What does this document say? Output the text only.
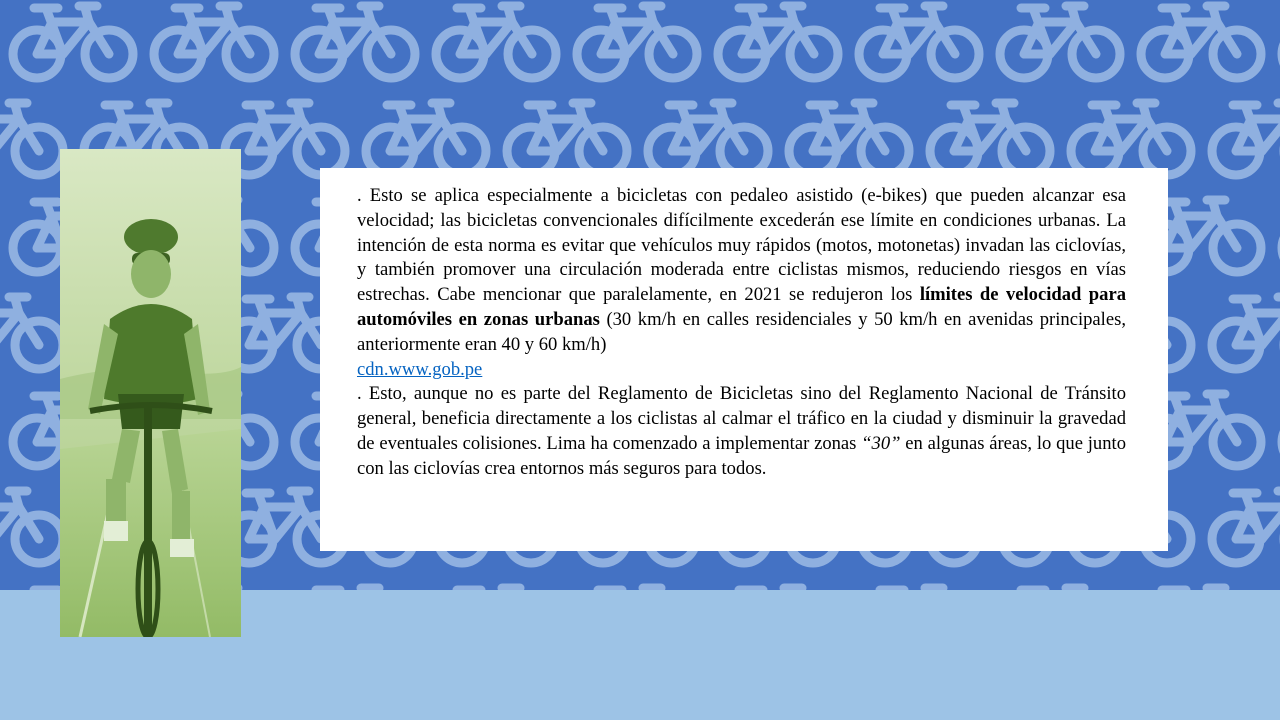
. Esto se aplica especialmente a bicicletas con pedaleo asistido (e-bikes) que pueden alcanzar esa velocidad; las bicicletas convencionales difícilmente excederán ese límite en condiciones urbanas. La intención de esta norma es evitar que vehículos muy rápidos (motos, motonetas) invadan las ciclovías, y también promover una circulación moderada entre ciclistas mismos, reduciendo riesgos en vías estrechas. Cabe mencionar que paralelamente, en 2021 se redujeron los límites de velocidad para automóviles en zonas urbanas (30 km/h en calles residenciales y 50 km/h en avenidas principales, anteriormente eran 40 y 60 km/h)

cdn.www.gob.pe

. Esto, aunque no es parte del Reglamento de Bicicletas sino del Reglamento Nacional de Tránsito general, beneficia directamente a los ciclistas al calmar el tráfico en la ciudad y disminuir la gravedad de eventuales colisiones. Lima ha comenzado a implementar zonas “30” en algunas áreas, lo que junto con las ciclovías crea entornos más seguros para todos.
